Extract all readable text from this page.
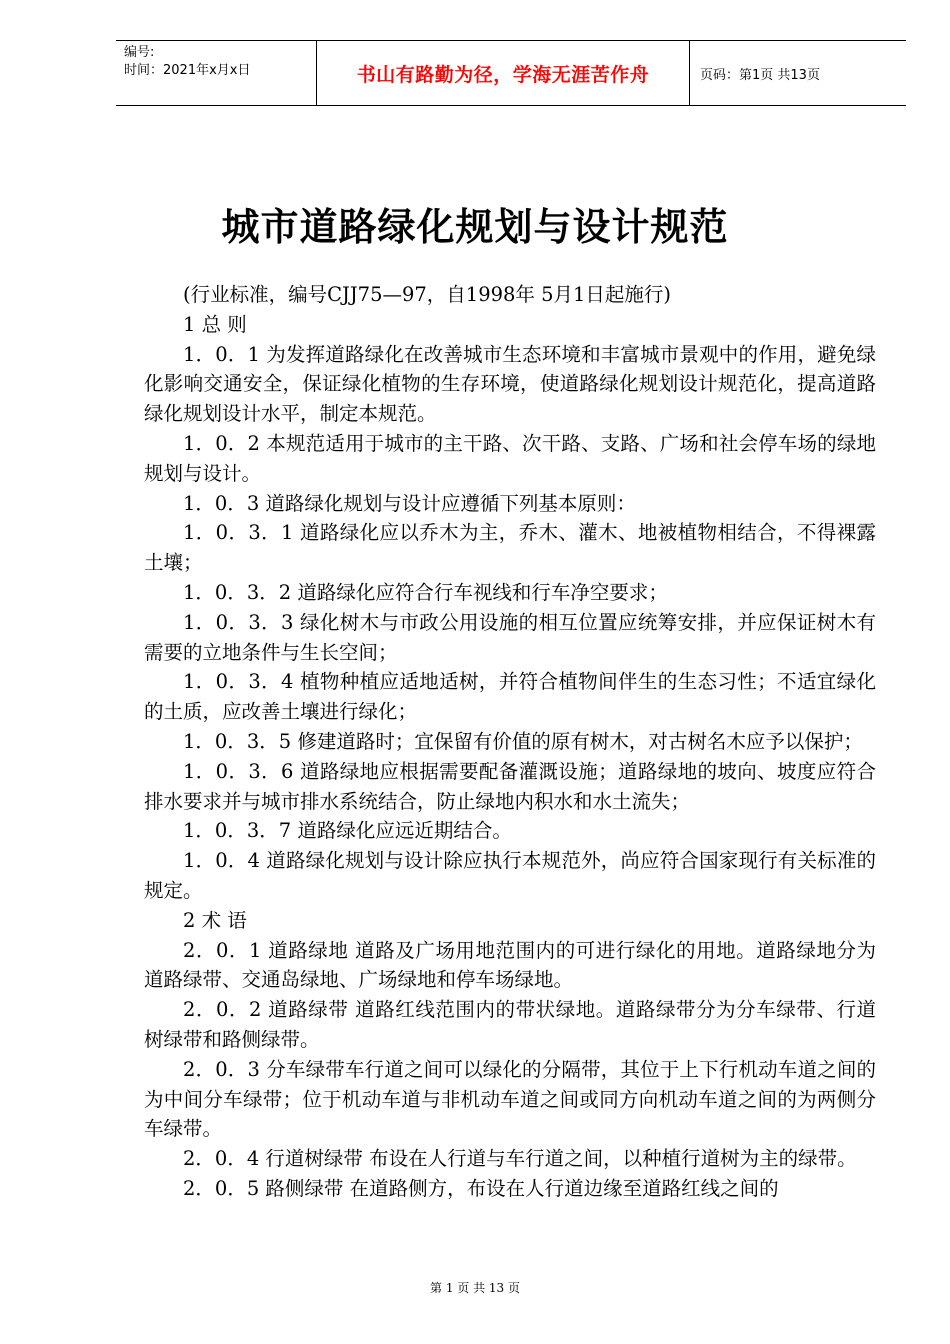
编号:
时间：2021年x月x日	书山有路勤为径，学海无涯苦作舟	页码：第1页 共13页
城市道路绿化规划与设计规范

(行业标准，编号CJJ75—97，自1998年 5月1日起施行)

1 总 则

1．0．1 为发挥道路绿化在改善城市生态环境和丰富城市景观中的作用，避免绿化影响交通安全，保证绿化植物的生存环境，使道路绿化规划设计规范化，提高道路绿化规划设计水平，制定本规范。

1．0．2 本规范适用于城市的主干路、次干路、支路、广场和社会停车场的绿地规划与设计。

1．0．3 道路绿化规划与设计应遵循下列基本原则：

1．0．3．1 道路绿化应以乔木为主，乔木、灌木、地被植物相结合，不得裸露土壤；

1．0．3．2 道路绿化应符合行车视线和行车净空要求；

1．0．3．3 绿化树木与市政公用设施的相互位置应统筹安排，并应保证树木有需要的立地条件与生长空间；

1．0．3．4 植物种植应适地适树，并符合植物间伴生的生态习性；不适宜绿化的土质，应改善土壤进行绿化；

1．0．3．5 修建道路时；宜保留有价值的原有树木，对古树名木应予以保护；

1．0．3．6 道路绿地应根据需要配备灌溉设施；道路绿地的坡向、坡度应符合排水要求并与城市排水系统结合，防止绿地内积水和水土流失；

1．0．3．7 道路绿化应远近期结合。

1．0．4 道路绿化规划与设计除应执行本规范外，尚应符合国家现行有关标准的规定。

2 术 语

2．0．1 道路绿地 道路及广场用地范围内的可进行绿化的用地。道路绿地分为道路绿带、交通岛绿地、广场绿地和停车场绿地。

2．0．2 道路绿带 道路红线范围内的带状绿地。道路绿带分为分车绿带、行道树绿带和路侧绿带。

2．0．3 分车绿带车行道之间可以绿化的分隔带，其位于上下行机动车道之间的为中间分车绿带；位于机动车道与非机动车道之间或同方向机动车道之间的为两侧分车绿带。

2．0．4 行道树绿带 布设在人行道与车行道之间，以种植行道树为主的绿带。

2．0．5 路侧绿带 在道路侧方，布设在人行道边缘至道路红线之间的

第 1 页 共 13 页
